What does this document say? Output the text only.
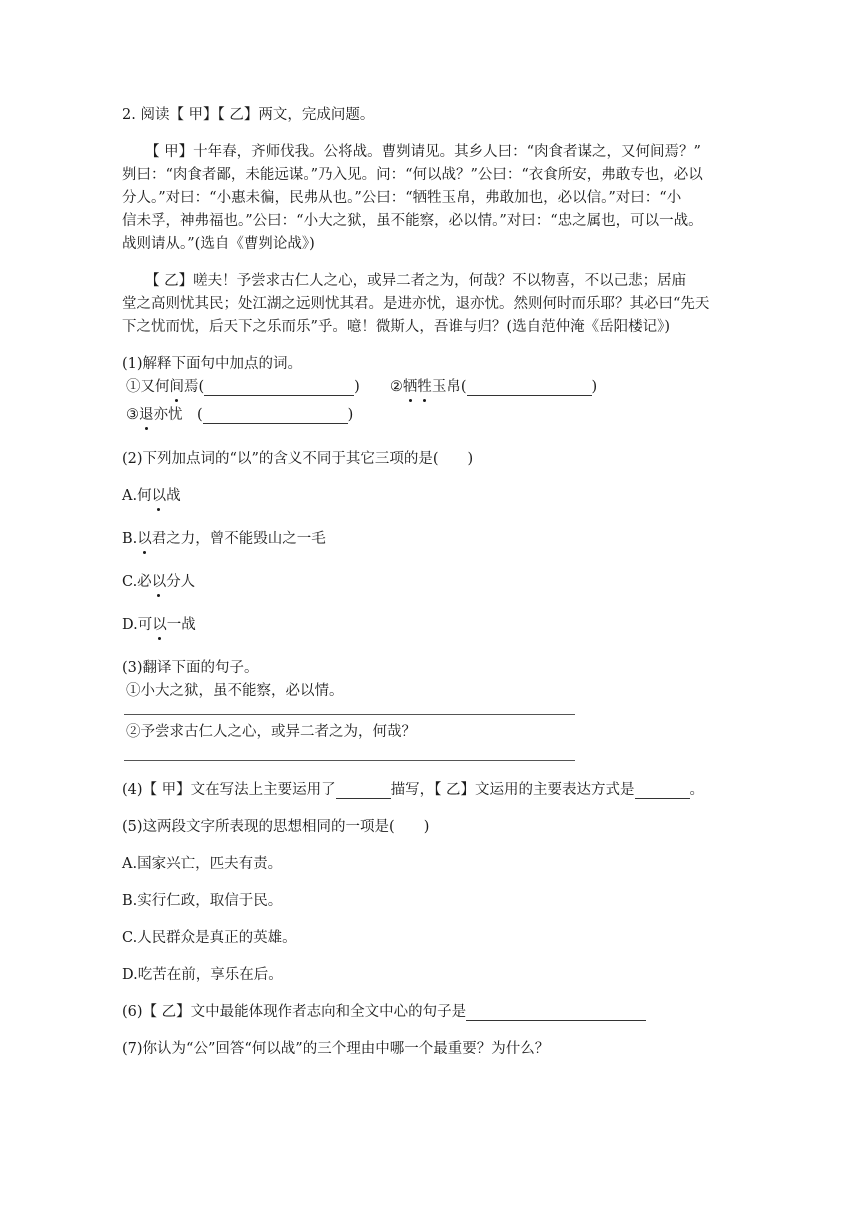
2. 阅读【 甲】【 乙】两文，完成问题。
【 甲】十年春，齐师伐我。公将战。曹刿请见。其乡人曰：“肉食者谋之，又何间焉？”
刿曰：“肉食者鄙，未能远谋。”乃入见。问：“何以战？”公曰：“衣食所安，弗敢专也，必以
分人。”对曰：“小惠未徧，民弗从也。”公曰：“牺牲玉帛，弗敢加也，必以信。”对曰：“小
信未孚，神弗福也。”公曰：“小大之狱，虽不能察，必以情。”对曰：“忠之属也，可以一战。
战则请从。”(选自《曹刿论战》)
【 乙】嗟夫！予尝求古仁人之心，或异二者之为，何哉？不以物喜，不以己悲；居庙
堂之高则忧其民；处江湖之远则忧其君。是进亦忧，退亦忧。然则何时而乐耶？其必曰“先天
下之忧而忧，后天下之乐而乐”乎。噫！微斯人，吾谁与归？(选自范仲淹《岳阳楼记》)
(1)解释下面句中加点的词。
①又何间焉(	) ②牺牲玉帛(	)
③退亦忧　(	)
(2)下列加点词的“以”的含义不同于其它三项的是(　　)
A.何以战
B.以君之力，曾不能毁山之一毛
C.必以分人
D.可以一战
(3)翻译下面的句子。
①小大之狱，虽不能察，必以情。
②予尝求古仁人之心，或异二者之为，何哉？
(4)【 甲】文在写法上主要运用了	描写，【 乙】文运用的主要表达方式是	。
(5)这两段文字所表现的思想相同的一项是(　　)
A.国家兴亡，匹夫有责。
B.实行仁政，取信于民。
C.人民群众是真正的英雄。
D.吃苦在前，享乐在后。
(6)【 乙】文中最能体现作者志向和全文中心的句子是
(7)你认为“公”回答“何以战”的三个理由中哪一个最重要？为什么？
